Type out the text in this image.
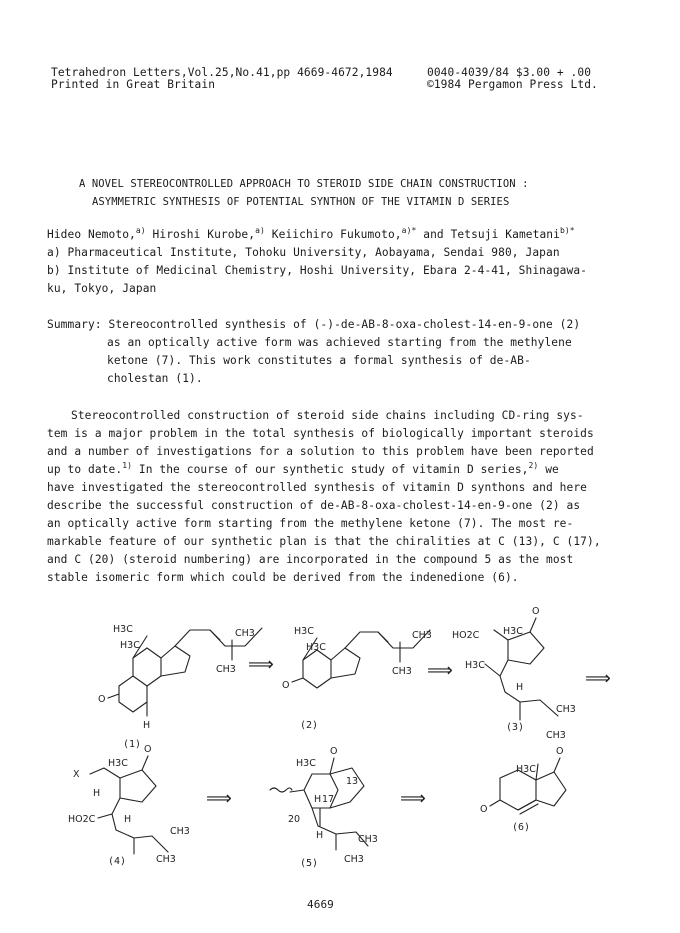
Tetrahedron Letters,Vol.25,No.41,pp 4669-4672,1984
Printed in Great Britain
0040-4039/84 $3.00 + .00
©1984 Pergamon Press Ltd.
A NOVEL STEREOCONTROLLED APPROACH TO STEROID SIDE CHAIN CONSTRUCTION :
ASYMMETRIC SYNTHESIS OF POTENTIAL SYNTHON OF THE VITAMIN D SERIES
Hideo Nemoto,$^{a)}$ Hiroshi Kurobe,$^{a)}$ Keiichiro Fukumoto,$^{a)*}$ and Tetsuji Kametani$^{b)*}$
a) Pharmaceutical Institute, Tohoku University, Aobayama, Sendai 980, Japan
b) Institute of Medicinal Chemistry, Hoshi University, Ebara 2-4-41, Shinagawa-
ku, Tokyo, Japan
Summary: Stereocontrolled synthesis of (-)-de-AB-8-oxa-cholest-14-en-9-one (2)
as an optically active form was achieved starting from the methylene
ketone (7). This work constitutes a formal synthesis of de-AB-
cholestan (1).
Stereocontrolled construction of steroid side chains including CD-ring sys-
tem is a major problem in the total synthesis of biologically important steroids
and a number of investigations for a solution to this problem have been reported
up to date.$^{1)}$ In the course of our synthetic study of vitamin D series,$^{2)}$ we
have investigated the stereocontrolled synthesis of vitamin D synthons and here
describe the successful construction of de-AB-8-oxa-cholest-14-en-9-one (2) as
an optically active form starting from the methylene ketone (7). The most re-
markable feature of our synthetic plan is that the chiralities at C (13), C (17),
and C (20) (steroid numbering) are incorporated in the compound 5 as the most
stable isomeric form which could be derived from the indenedione (6).
H3C
H3C
CH3
CH3
O
H
(1)
⟹
H3C
H3C
CH3
CH3
O
(2)
⟹
HO2C H3C
O
H3C
H
CH3
CH3
(3)
⟹
X
H3C
O
H
HO2C	H
CH3
CH3
(4)
⟹
H3C
O
13
H 17
20
H	CH3
CH3
(5)
⟹
H3C
O
O
(6)
4669
